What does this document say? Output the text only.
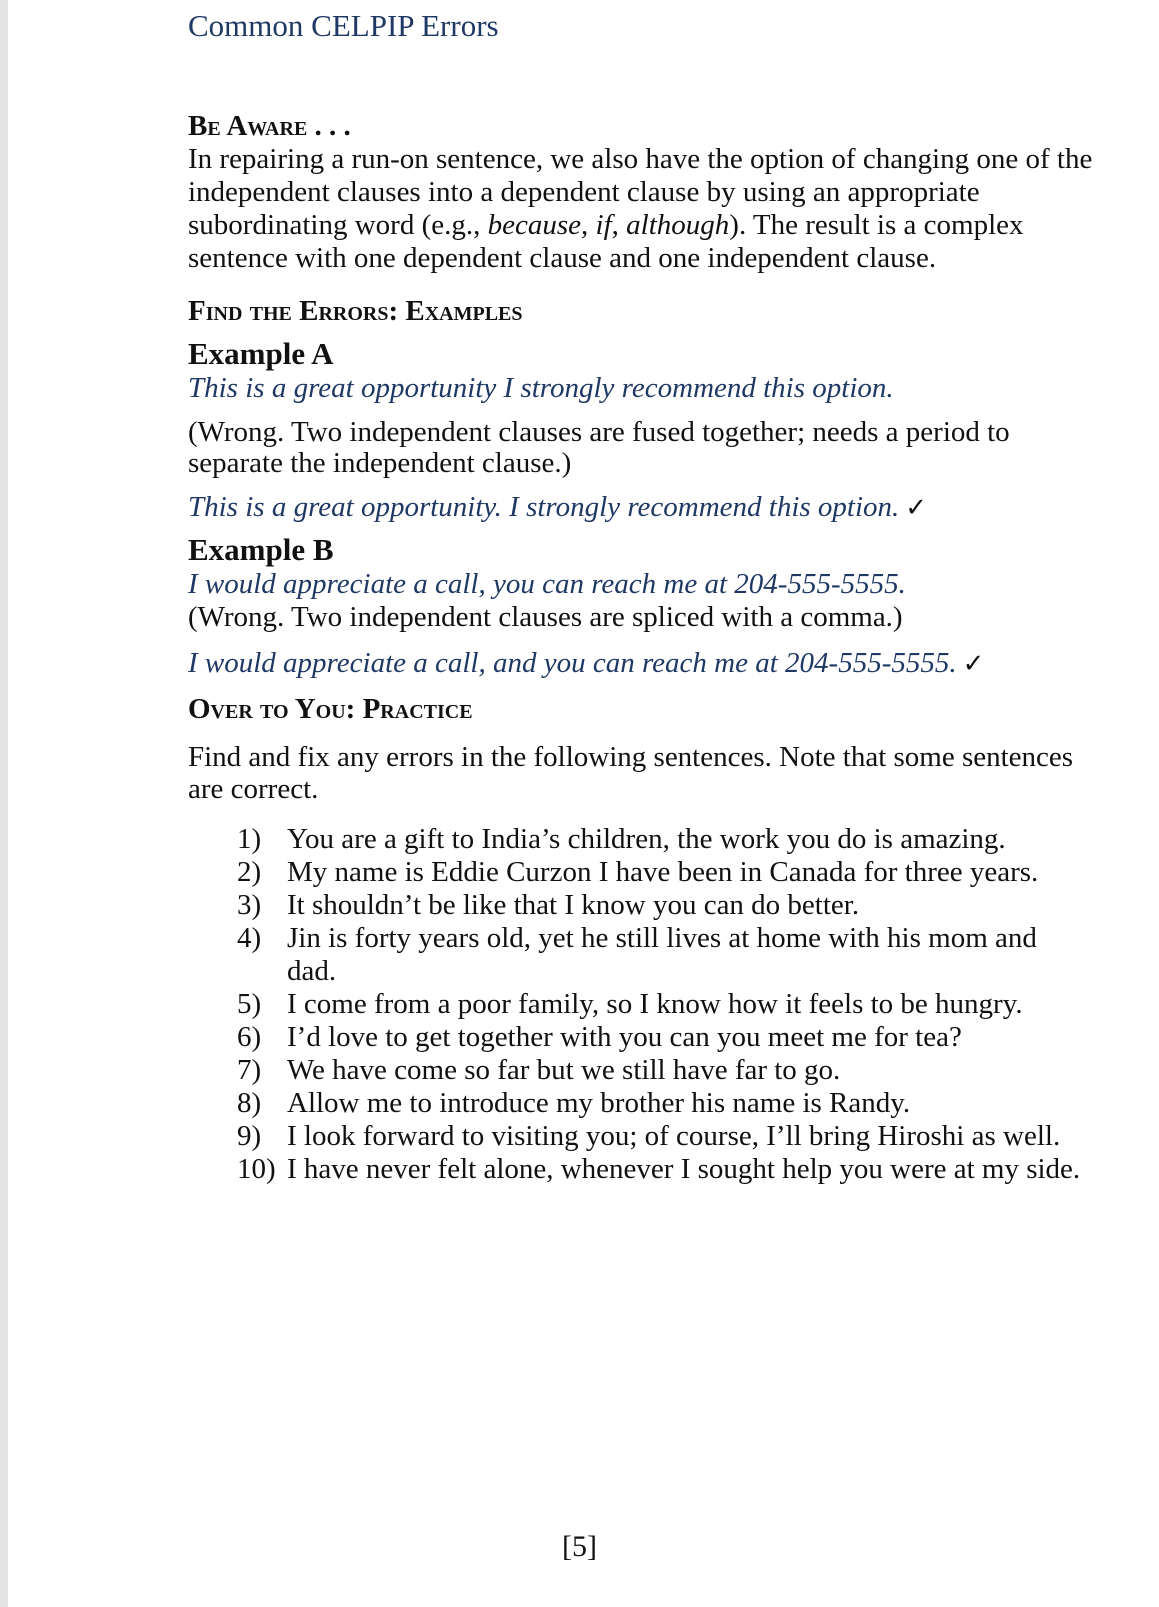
Common CELPIP Errors

Be Aware . . .

In repairing a run-on sentence, we also have the option of changing one of the independent clauses into a dependent clause by using an appropriate subordinating word (e.g., because, if, although). The result is a complex sentence with one dependent clause and one independent clause.

Find the Errors: Examples

Example A

This is a great opportunity I strongly recommend this option.

(Wrong. Two independent clauses are fused together; needs a period to separate the independent clause.)

This is a great opportunity. I strongly recommend this option. ✓

Example B

I would appreciate a call, you can reach me at 204-555-5555.

(Wrong. Two independent clauses are spliced with a comma.)

I would appreciate a call, and you can reach me at 204-555-5555. ✓

Over to You: Practice

Find and fix any errors in the following sentences. Note that some sentences are correct.

1) You are a gift to India’s children, the work you do is amazing.
2) My name is Eddie Curzon I have been in Canada for three years.
3) It shouldn’t be like that I know you can do better.
4) Jin is forty years old, yet he still lives at home with his mom and dad.
5) I come from a poor family, so I know how it feels to be hungry.
6) I’d love to get together with you can you meet me for tea?
7) We have come so far but we still have far to go.
8) Allow me to introduce my brother his name is Randy.
9) I look forward to visiting you; of course, I’ll bring Hiroshi as well.
10) I have never felt alone, whenever I sought help you were at my side.
[5]
